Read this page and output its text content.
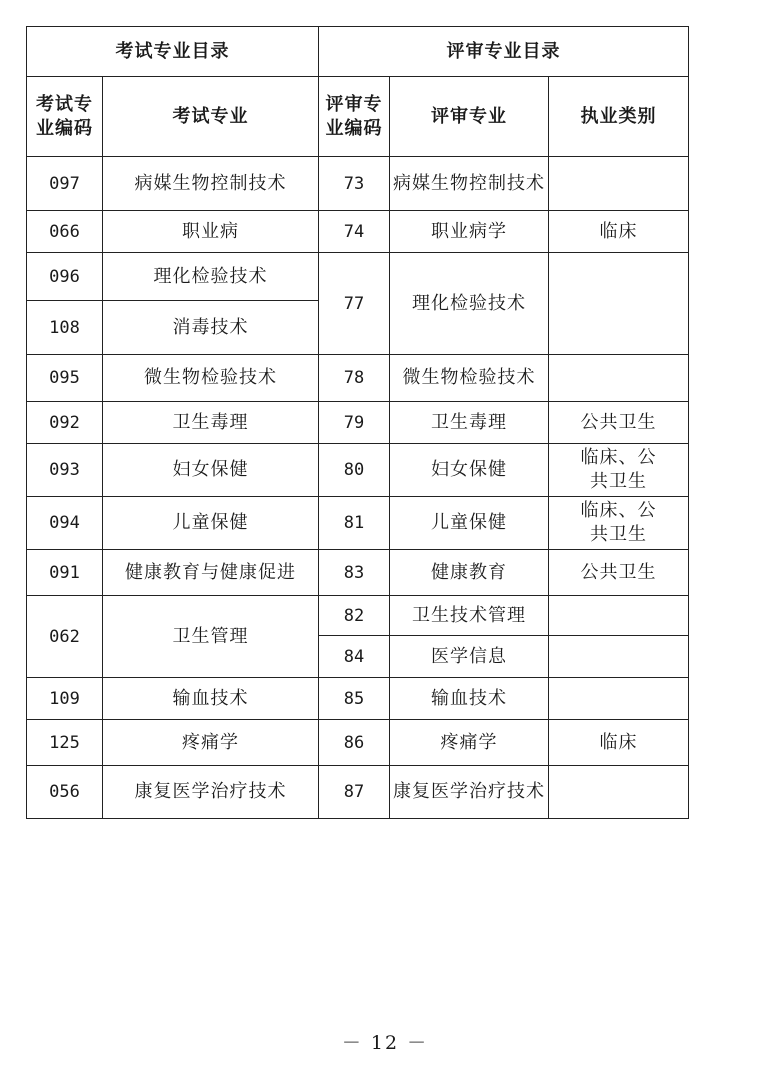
考试专业目录		评审专业目录		
考试专业编码	考试专业	评审专业编码	评审专业	执业类别
097	病媒生物控制技术	73	病媒生物控制技术	
066	职业病	74	职业病学	临床
096	理化检验技术	77	理化检验技术	
108	消毒技术			
095	微生物检验技术	78	微生物检验技术	
092	卫生毒理	79	卫生毒理	公共卫生
093	妇女保健	80	妇女保健	临床、公共卫生
094	儿童保健	81	儿童保健	临床、公共卫生
091	健康教育与健康促进	83	健康教育	公共卫生
062	卫生管理	82	卫生技术管理	
		84	医学信息	
109	输血技术	85	输血技术	
125	疼痛学	86	疼痛学	临床
056	康复医学治疗技术	87	康复医学治疗技术	
－ 12 －
